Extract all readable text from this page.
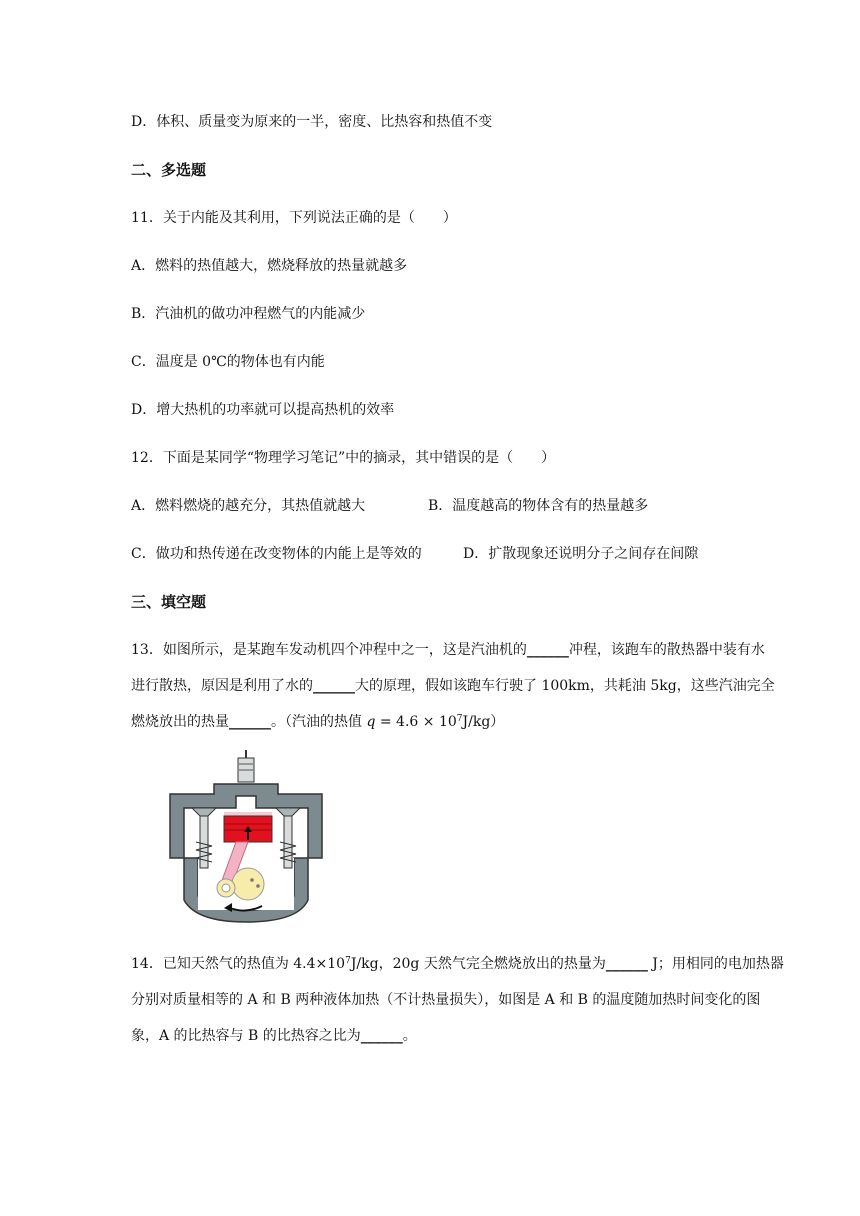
D．体积、质量变为原来的一半，密度、比热容和热值不变
二、多选题
11．关于内能及其利用，下列说法正确的是（　　）
A．燃料的热值越大，燃烧释放的热量就越多
B．汽油机的做功冲程燃气的内能减少
C．温度是 0℃的物体也有内能
D．增大热机的功率就可以提高热机的效率
12．下面是某同学“物理学习笔记”中的摘录，其中错误的是（　　）
A．燃料燃烧的越充分，其热值就越大	B．温度越高的物体含有的热量越多
C．做功和热传递在改变物体的内能上是等效的	D．扩散现象还说明分子之间存在间隙
三、填空题
13．如图所示，是某跑车发动机四个冲程中之一，这是汽油机的______冲程，该跑车的散热器中装有水
进行散热，原因是利用了水的______大的原理，假如该跑车行驶了 100km，共耗油 5kg，这些汽油完全
燃烧放出的热量______。（汽油的热值 $q = 4.6 \times 10^7J/kg$）
14．已知天然气的热值为 $4.4\times 10^7J/kg$，20g 天然气完全燃烧放出的热量为______ J；用相同的电加热器
分别对质量相等的 A 和 B 两种液体加热（不计热量损失），如图是 A 和 B 的温度随加热时间变化的图
象，A 的比热容与 B 的比热容之比为______。
